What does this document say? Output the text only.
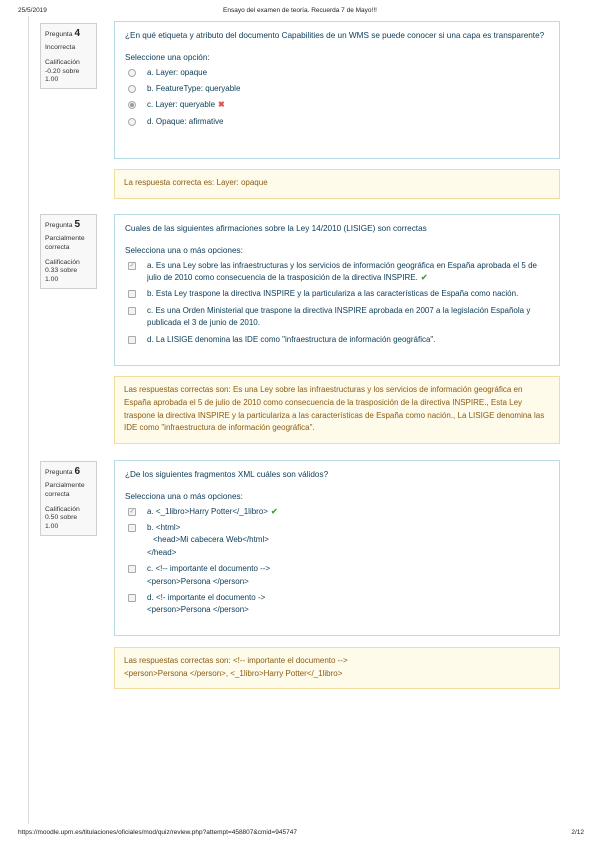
25/5/2019	Ensayo del examen de teoría. Recuerda 7 de Mayo!!!
Pregunta 4
Incorrecta
Calificación
-0.20 sobre 1.00

¿En qué etiqueta y atributo del documento Capabilities de un WMS se puede conocer si una capa es transparente?

Seleccione una opción:

a. Layer: opaque
b. FeatureType: queryable
c. Layer: queryable ✖
d. Opaque: afirmative
La respuesta correcta es: Layer: opaque
Pregunta 5
Parcialmente correcta
Calificación
0.33 sobre 1.00

Cuales de las siguientes afirmaciones sobre la Ley 14/2010 (LISIGE) son correctas

Selecciona una o más opciones:

✓ a. Es una Ley sobre las infraestructuras y los servicios de información geográfica en España aprobada el 5 de julio de 2010 como consecuencia de la trasposición de la directiva INSPIRE. ✔
b. Esta Ley traspone la directiva INSPIRE y la particulariza a las características de España como nación.
c. Es una Orden Ministerial que traspone la directiva INSPIRE aprobada en 2007 a la legislación Española y publicada el 3 de junio de 2010.
d. La LISIGE denomina las IDE como "infraestructura de información geográfica".
Las respuestas correctas son: Es una Ley sobre las infraestructuras y los servicios de información geográfica en España aprobada el 5 de julio de 2010 como consecuencia de la trasposición de la directiva INSPIRE., Esta Ley traspone la directiva INSPIRE y la particulariza a las características de España como nación., La LISIGE denomina las IDE como "infraestructura de información geográfica".
Pregunta 6
Parcialmente correcta
Calificación
0.50 sobre 1.00

¿De los siguientes fragmentos XML cuáles son válidos?

Selecciona una o más opciones:

✓ a. <_1libro>Harry Potter</_1libro> ✔
b. <html>
<head>Mi cabecera Web</html>
</head>
c. <!-- importante el documento -->
<person>Persona </person>
d. <!- importante el documento ->
<person>Persona </person>
Las respuestas correctas son: <!-- importante el documento -->
<person>Persona </person>, <_1libro>Harry Potter</_1libro>
https://moodle.upm.es/titulaciones/oficiales/mod/quiz/review.php?attempt=458807&cmid=945747	2/12
